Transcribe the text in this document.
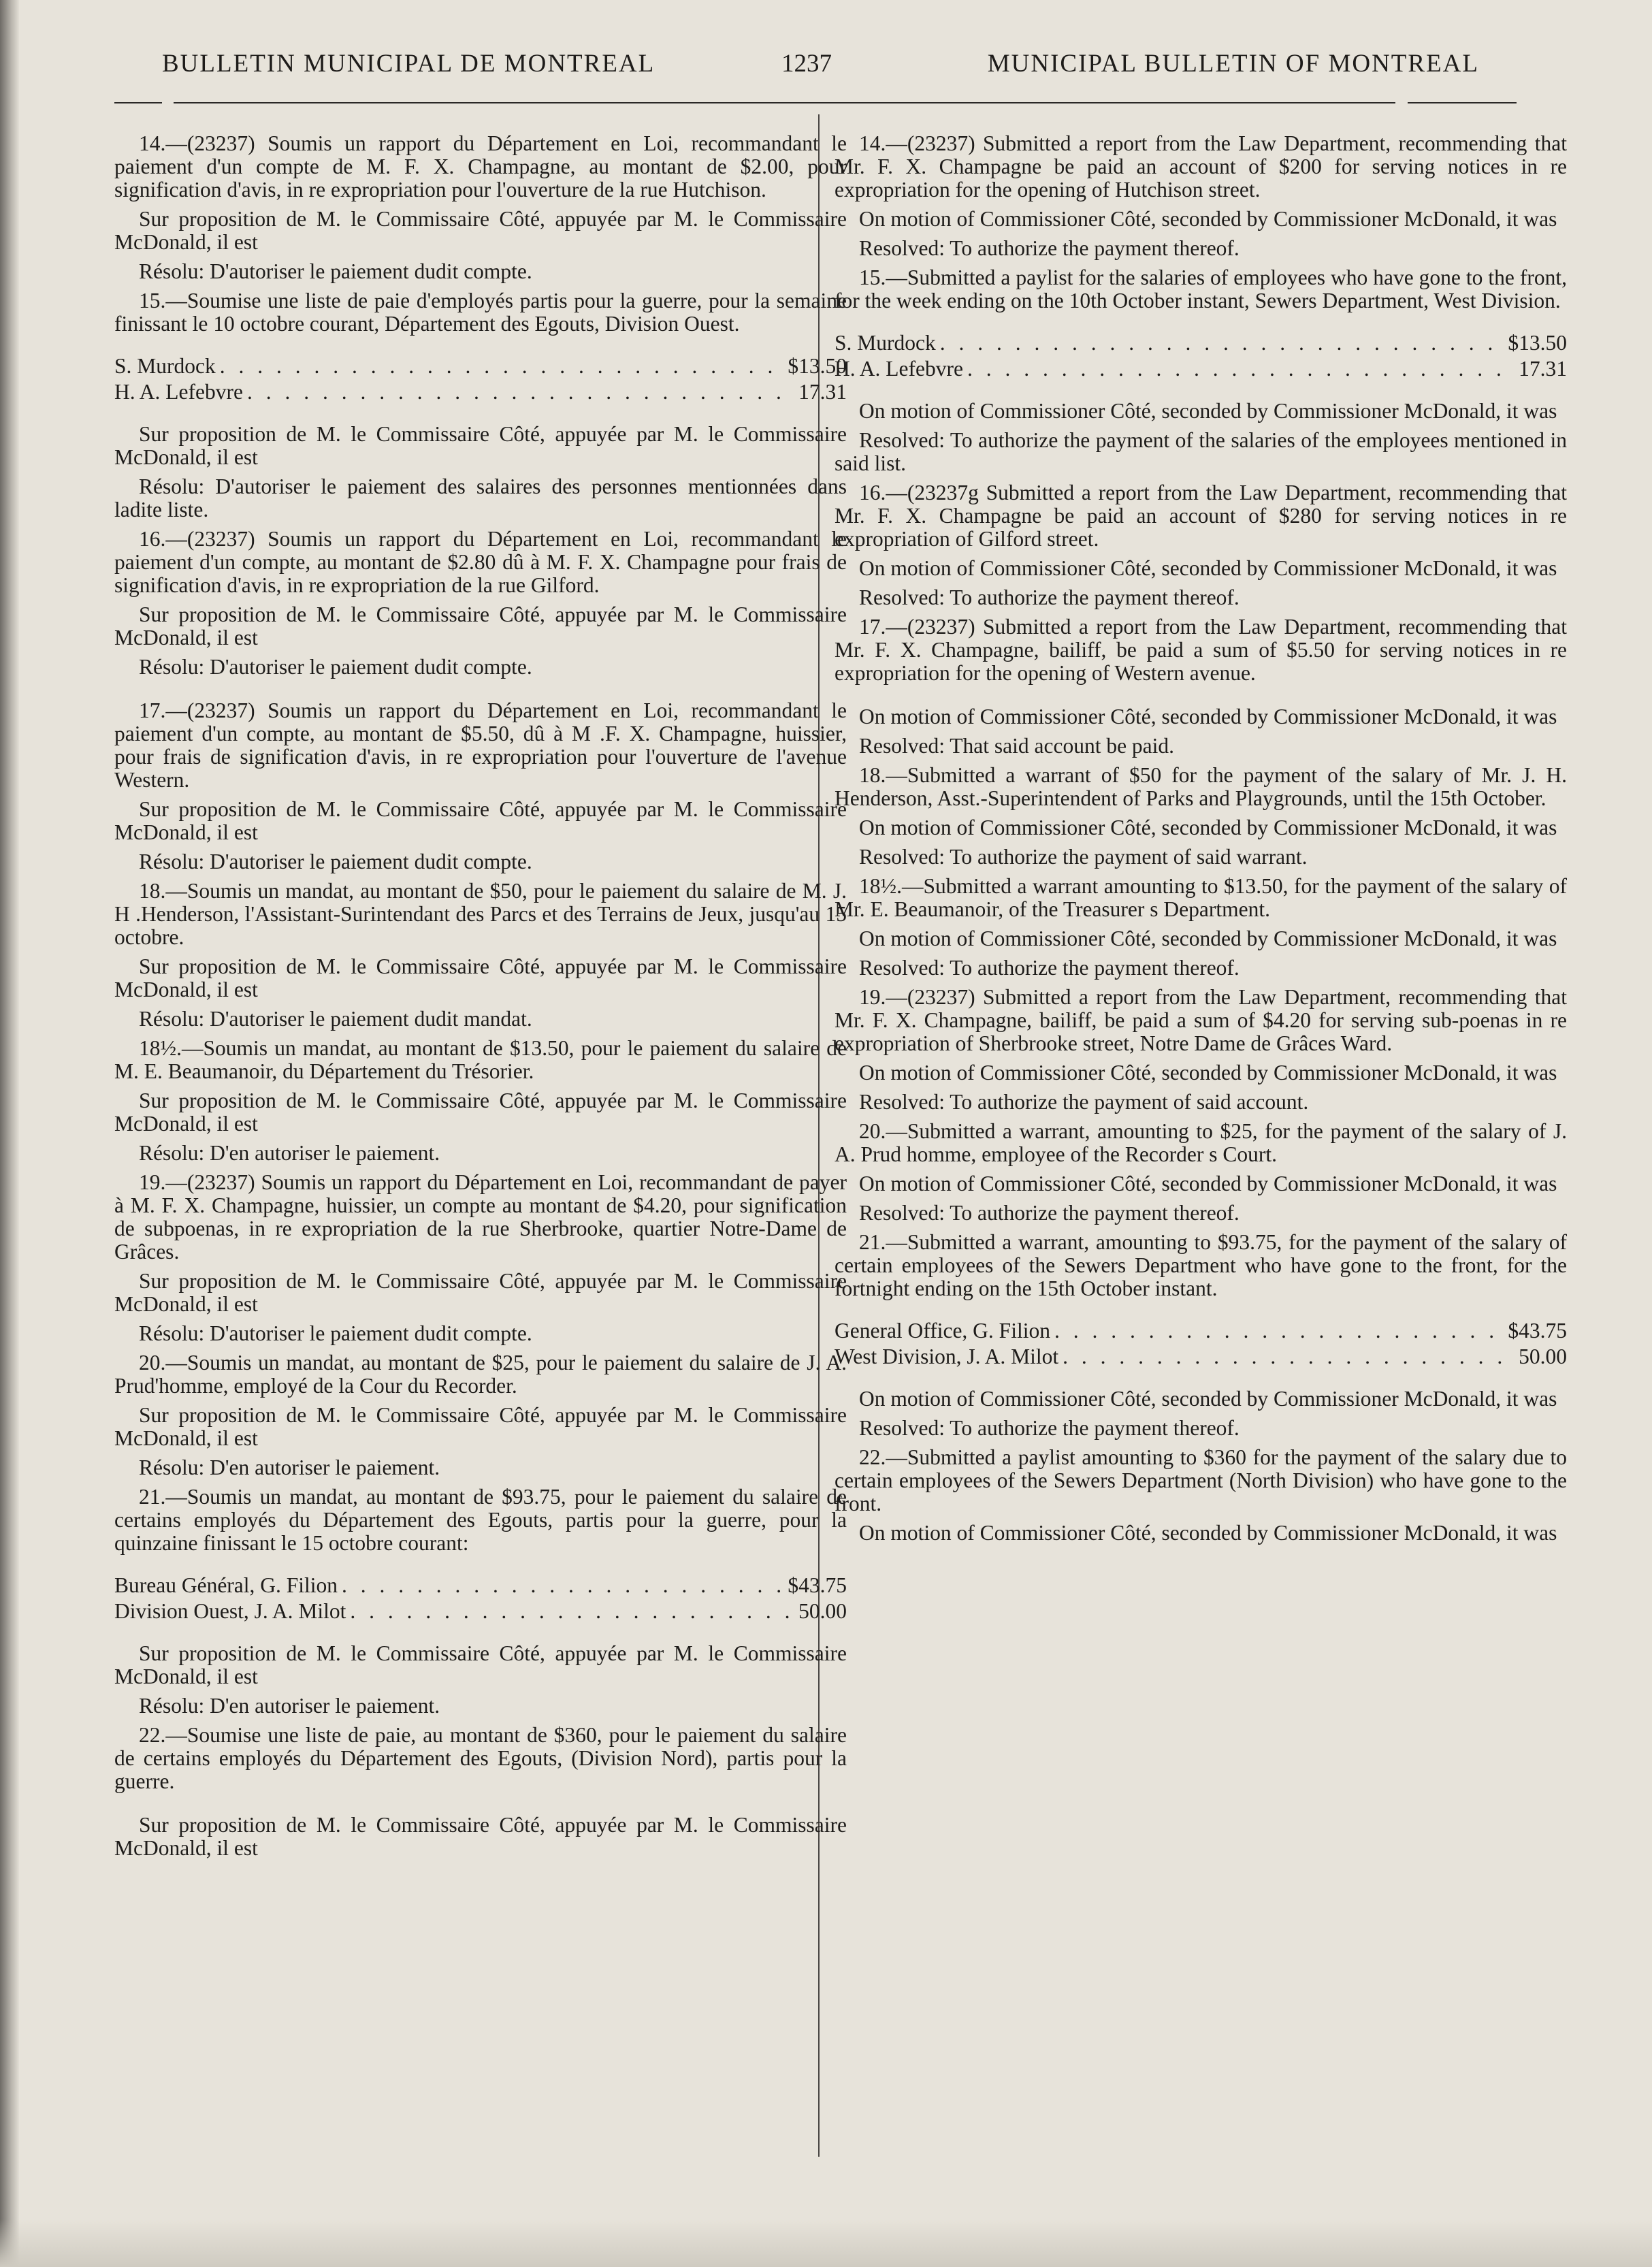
BULLETIN MUNICIPAL DE MONTREAL	1237	MUNICIPAL BULLETIN OF MONTREAL

14.—(23237) Soumis un rapport du Département en Loi, recommandant le paiement d'un compte de M. F. X. Champagne, au montant de $2.00, pour signification d'avis, in re expropriation pour l'ouverture de la rue Hutchison.

Sur proposition de M. le Commissaire Côté, appuyée par M. le Commissaire McDonald, il est

Résolu: D'autoriser le paiement dudit compte.

15.—Soumise une liste de paie d'employés partis pour la guerre, pour la semaine finissant le 10 octobre courant, Département des Egouts, Division Ouest.

S. Murdock . . .	$13.50
H. A. Lefebvre . . .	17.31

Sur proposition de M. le Commissaire Côté, appuyée par M. le Commissaire McDonald, il est

Résolu: D'autoriser le paiement des salaires des personnes mentionnées dans ladite liste.

16.—(23237) Soumis un rapport du Département en Loi, recommandant le paiement d'un compte, au montant de $2.80 dû à M. F. X. Champagne pour frais de signification d'avis, in re expropriation de la rue Gilford.

Sur proposition de M. le Commissaire Côté, appuyée par M. le Commissaire McDonald, il est

Résolu: D'autoriser le paiement dudit compte.

17.—(23237) Soumis un rapport du Département en Loi, recommandant le paiement d'un compte, au montant de $5.50, dû à M .F. X. Champagne, huissier, pour frais de signification d'avis, in re expropriation pour l'ouverture de l'avenue Western.

Sur proposition de M. le Commissaire Côté, appuyée par M. le Commissaire McDonald, il est

Résolu: D'autoriser le paiement dudit compte.

18.—Soumis un mandat, au montant de $50, pour le paiement du salaire de M. J. H .Henderson, l'Assistant-Surintendant des Parcs et des Terrains de Jeux, jusqu'au 15 octobre.

Sur proposition de M. le Commissaire Côté, appuyée par M. le Commissaire McDonald, il est

Résolu: D'autoriser le paiement dudit mandat.

18½.—Soumis un mandat, au montant de $13.50, pour le paiement du salaire de M. E. Beaumanoir, du Département du Trésorier.

Sur proposition de M. le Commissaire Côté, appuyée par M. le Commissaire McDonald, il est

Résolu: D'en autoriser le paiement.

19.—(23237) Soumis un rapport du Département en Loi, recommandant de payer à M. F. X. Champagne, huissier, un compte au montant de $4.20, pour signification de subpoenas, in re expropriation de la rue Sherbrooke, quartier Notre-Dame de Grâces.

Sur proposition de M. le Commissaire Côté, appuyée par M. le Commissaire McDonald, il est

Résolu: D'autoriser le paiement dudit compte.

20.—Soumis un mandat, au montant de $25, pour le paiement du salaire de J. A. Prud'homme, employé de la Cour du Recorder.

Sur proposition de M. le Commissaire Côté, appuyée par M. le Commissaire McDonald, il est

Résolu: D'en autoriser le paiement.

21.—Soumis un mandat, au montant de $93.75, pour le paiement du salaire de certains employés du Département des Egouts, partis pour la guerre, pour la quinzaine finissant le 15 octobre courant:

Bureau Général, G. Filion . . .	$43.75
Division Ouest, J. A. Milot . . .	50.00

Sur proposition de M. le Commissaire Côté, appuyée par M. le Commissaire McDonald, il est

Résolu: D'en autoriser le paiement.

22.—Soumise une liste de paie, au montant de $360, pour le paiement du salaire de certains employés du Département des Egouts, (Division Nord), partis pour la guerre.

Sur proposition de M. le Commissaire Côté, appuyée par M. le Commissaire McDonald, il est

14.—(23237) Submitted a report from the Law Department, recommending that Mr. F. X. Champagne be paid an account of $200 for serving notices in re expropriation for the opening of Hutchison street.

On motion of Commissioner Côté, seconded by Commissioner McDonald, it was

Resolved: To authorize the payment thereof.

15.—Submitted a paylist for the salaries of employees who have gone to the front, for the week ending on the 10th October instant, Sewers Department, West Division.

S. Murdock . . .	$13.50
H. A. Lefebvre . . .	17.31

On motion of Commissioner Côté, seconded by Commissioner McDonald, it was

Resolved: To authorize the payment of the salaries of the employees mentioned in said list.

16.—(23237g Submitted a report from the Law Department, recommending that Mr. F. X. Champagne be paid an account of $280 for serving notices in re expropriation of Gilford street.

On motion of Commissioner Côté, seconded by Commissioner McDonald, it was

Resolved: To authorize the payment thereof.

17.—(23237) Submitted a report from the Law Department, recommending that Mr. F. X. Champagne, bailiff, be paid a sum of $5.50 for serving notices in re expropriation for the opening of Western avenue.

On motion of Commissioner Côté, seconded by Commissioner McDonald, it was

Resolved: That said account be paid.

18.—Submitted a warrant of $50 for the payment of the salary of Mr. J. H. Henderson, Asst.-Superintendent of Parks and Playgrounds, until the 15th October.

On motion of Commissioner Côté, seconded by Commissioner McDonald, it was

Resolved: To authorize the payment of said warrant.

18½.—Submitted a warrant amounting to $13.50, for the payment of the salary of Mr. E. Beaumanoir, of the Treasurer s Department.

On motion of Commissioner Côté, seconded by Commissioner McDonald, it was

Resolved: To authorize the payment thereof.

19.—(23237) Submitted a report from the Law Department, recommending that Mr. F. X. Champagne, bailiff, be paid a sum of $4.20 for serving sub-poenas in re expropriation of Sherbrooke street, Notre Dame de Grâces Ward.

On motion of Commissioner Côté, seconded by Commissioner McDonald, it was

Resolved: To authorize the payment of said account.

20.—Submitted a warrant, amounting to $25, for the payment of the salary of J. A. Prud homme, employee of the Recorder s Court.

On motion of Commissioner Côté, seconded by Commissioner McDonald, it was

Resolved: To authorize the payment thereof.

21.—Submitted a warrant, amounting to $93.75, for the payment of the salary of certain employees of the Sewers Department who have gone to the front, for the fortnight ending on the 15th October instant.

General Office, G. Filion . . .	$43.75
West Division, J. A. Milot . . .	50.00

On motion of Commissioner Côté, seconded by Commissioner McDonald, it was

Resolved: To authorize the payment thereof.

22.—Submitted a paylist amounting to $360 for the payment of the salary due to certain employees of the Sewers Department (North Division) who have gone to the front.

On motion of Commissioner Côté, seconded by Commissioner McDonald, it was
